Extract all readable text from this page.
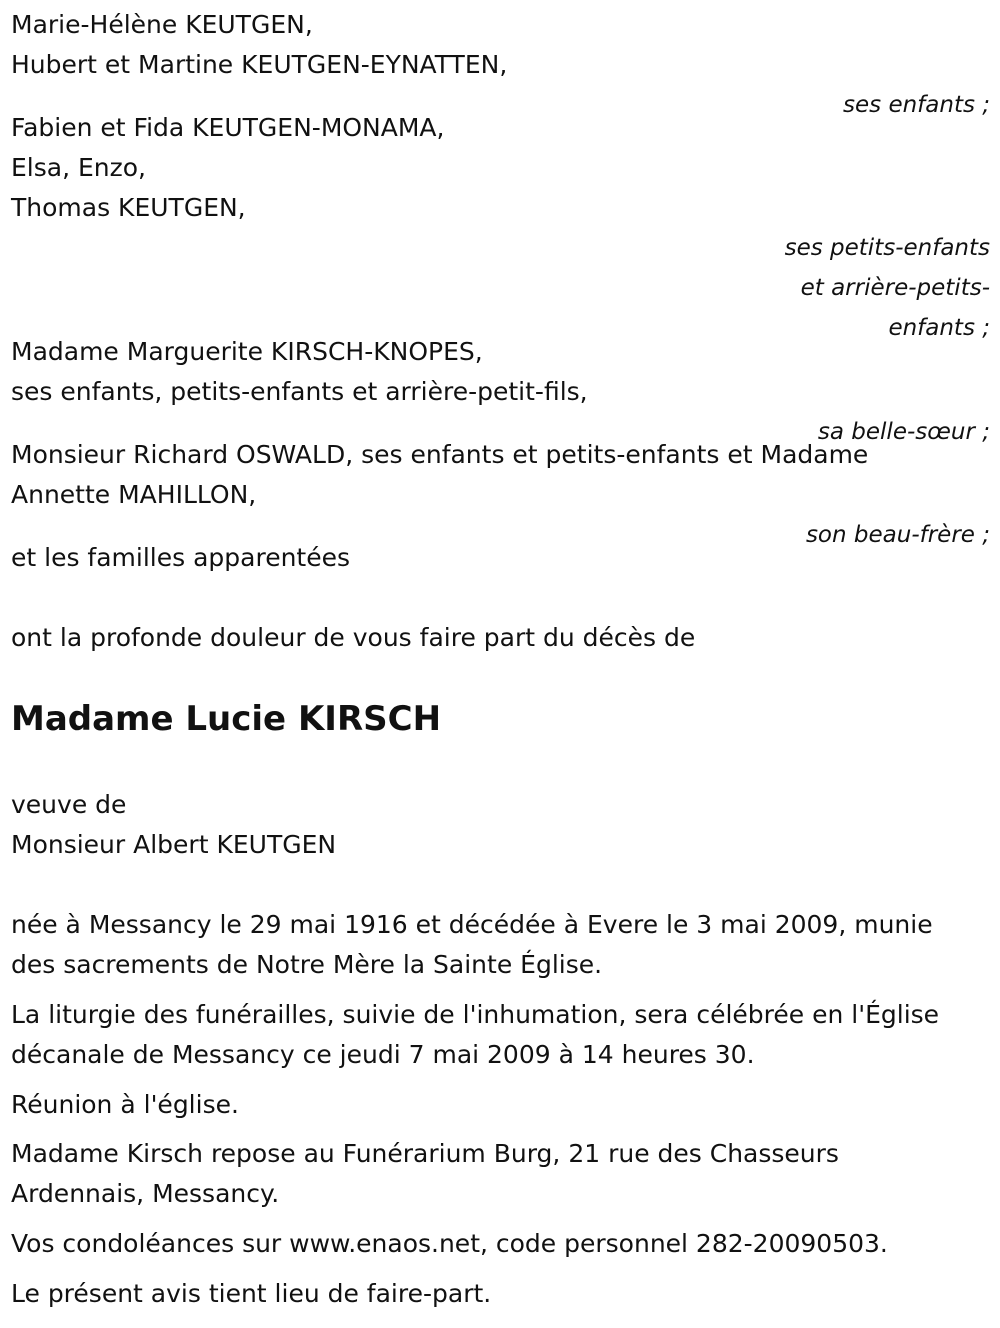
Marie-Hélène KEUTGEN,
Hubert et Martine KEUTGEN-EYNATTEN,
ses enfants ;
Fabien et Fida KEUTGEN-MONAMA,
Elsa, Enzo,
Thomas KEUTGEN,
ses petits-enfants
et arrière-petits-
enfants ;
Madame Marguerite KIRSCH-KNOPES,
ses enfants, petits-enfants et arrière-petit-fils,
sa belle-sœur ;
Monsieur Richard OSWALD, ses enfants et petits-enfants et Madame
Annette MAHILLON,
son beau-frère ;
et les familles apparentées
ont la profonde douleur de vous faire part du décès de
Madame Lucie KIRSCH
veuve de
Monsieur Albert KEUTGEN
née à Messancy le 29 mai 1916 et décédée à Evere le 3 mai 2009, munie
des sacrements de Notre Mère la Sainte Église.
La liturgie des funérailles, suivie de l'inhumation, sera célébrée en l'Église
décanale de Messancy ce jeudi 7 mai 2009 à 14 heures 30.
Réunion à l'église.
Madame Kirsch repose au Funérarium Burg, 21 rue des Chasseurs
Ardennais, Messancy.
Vos condoléances sur www.enaos.net, code personnel 282-20090503.
Le présent avis tient lieu de faire-part.
